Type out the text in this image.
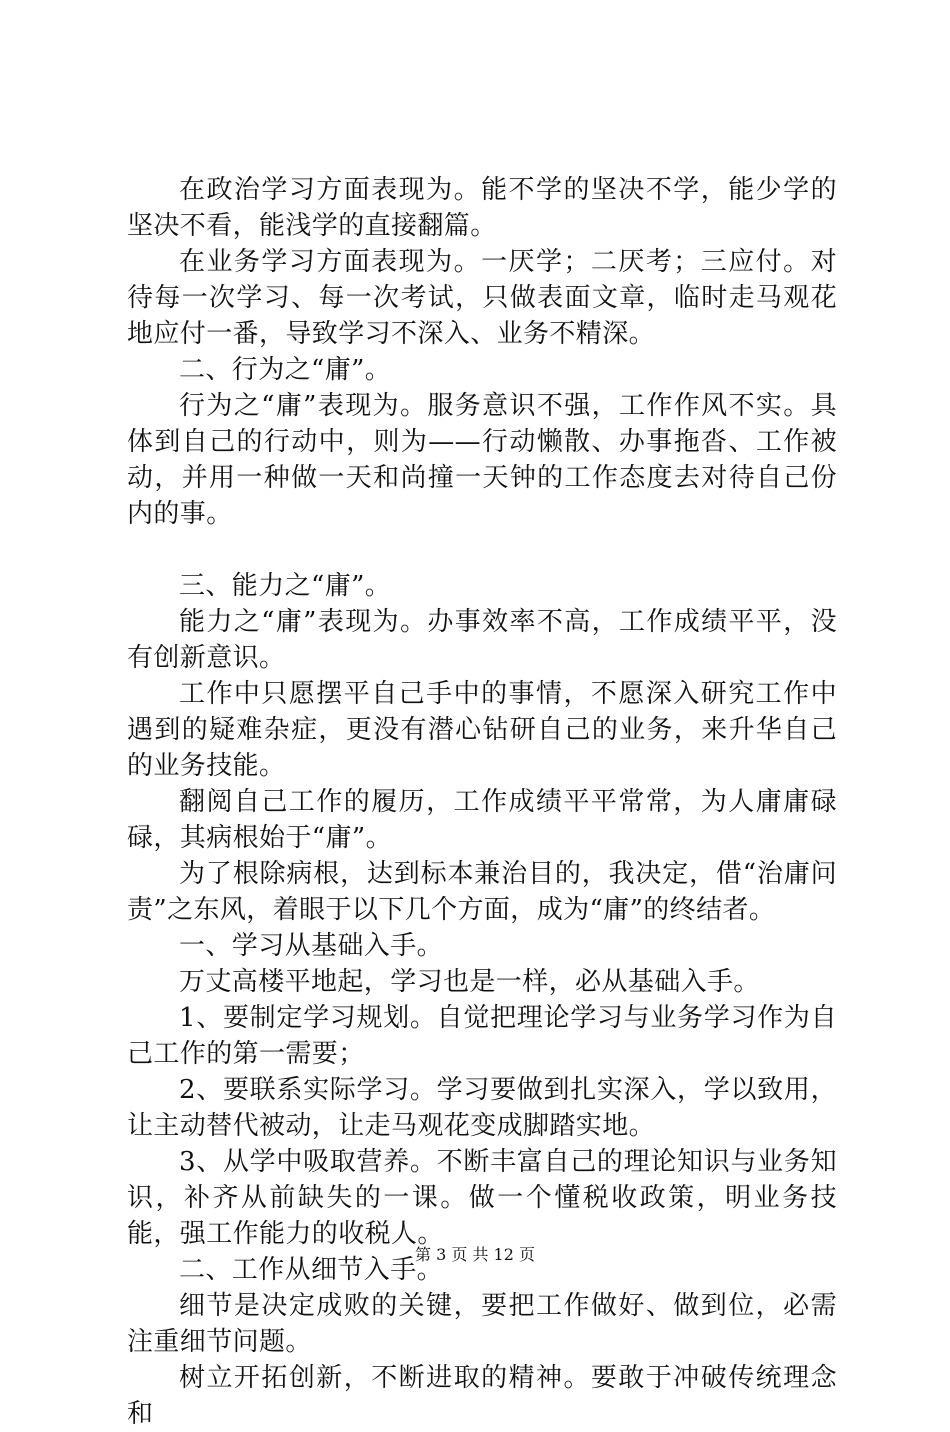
在政治学习方面表现为。能不学的坚决不学，能少学的坚决不看，能浅学的直接翻篇。

在业务学习方面表现为。一厌学；二厌考；三应付。对待每一次学习、每一次考试，只做表面文章，临时走马观花地应付一番，导致学习不深入、业务不精深。

二、行为之“庸”。

行为之“庸”表现为。服务意识不强，工作作风不实。具体到自己的行动中，则为——行动懒散、办事拖沓、工作被动，并用一种做一天和尚撞一天钟的工作态度去对待自己份内的事。

三、能力之“庸”。

能力之“庸”表现为。办事效率不高，工作成绩平平，没有创新意识。

工作中只愿摆平自己手中的事情，不愿深入研究工作中遇到的疑难杂症，更没有潜心钻研自己的业务，来升华自己的业务技能。

翻阅自己工作的履历，工作成绩平平常常，为人庸庸碌碌，其病根始于“庸”。

为了根除病根，达到标本兼治目的，我决定，借“治庸问责”之东风，着眼于以下几个方面，成为“庸”的终结者。

一、学习从基础入手。

万丈高楼平地起，学习也是一样，必从基础入手。

1、要制定学习规划。自觉把理论学习与业务学习作为自己工作的第一需要；

2、要联系实际学习。学习要做到扎实深入，学以致用，让主动替代被动，让走马观花变成脚踏实地。

3、从学中吸取营养。不断丰富自己的理论知识与业务知识，补齐从前缺失的一课。做一个懂税收政策，明业务技能，强工作能力的收税人。

二、工作从细节入手。

细节是决定成败的关键，要把工作做好、做到位，必需注重细节问题。

树立开拓创新，不断进取的精神。要敢于冲破传统理念和

第 3 页 共 12 页
